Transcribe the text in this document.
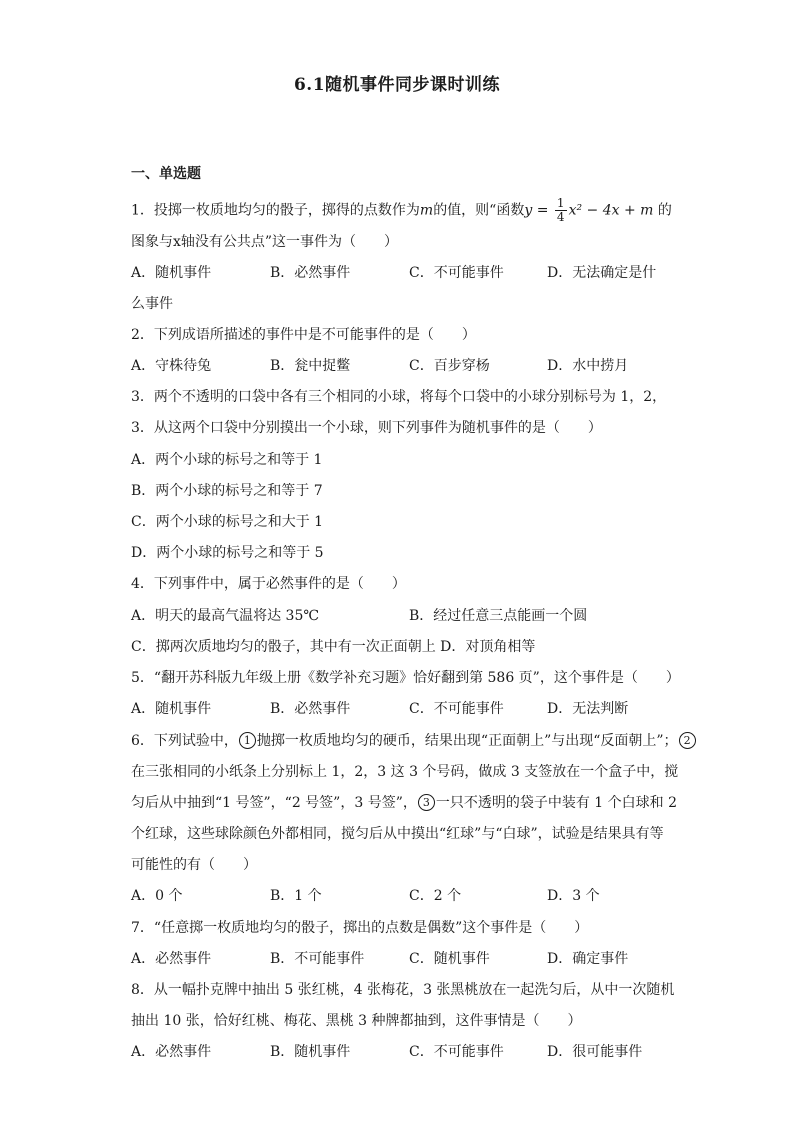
6.1随机事件同步课时训练
一、单选题
1．投掷一枚质地均匀的骰子，掷得的点数作为m的值，则“函数$y = \frac{1}{4} x^2 - 4x + m$ 的
图象与x轴没有公共点”这一事件为（　　）
A．随机事件	B．必然事件	C．不可能事件	D．无法确定是什
么事件
2．下列成语所描述的事件中是不可能事件的是（　　）
A．守株待兔	B．瓮中捉鳖	C．百步穿杨	D．水中捞月
3．两个不透明的口袋中各有三个相同的小球，将每个口袋中的小球分别标号为 1，2，
3．从这两个口袋中分别摸出一个小球，则下列事件为随机事件的是（　　）
A．两个小球的标号之和等于 1
B．两个小球的标号之和等于 7
C．两个小球的标号之和大于 1
D．两个小球的标号之和等于 5
4．下列事件中，属于必然事件的是（　　）
A．明天的最高气温将达 35℃	B．经过任意三点能画一个圆
C．掷两次质地均匀的骰子，其中有一次正面朝上 D．对顶角相等
5．“翻开苏科版九年级上册《数学补充习题》恰好翻到第 586 页”，这个事件是（　　）
A．随机事件	B．必然事件	C．不可能事件	D．无法判断
6．下列试验中， 1 抛掷一枚质地均匀的硬币，结果出现“正面朝上”与出现“反面朝上”； 2
在三张相同的小纸条上分别标上 1，2，3 这 3 个号码，做成 3 支签放在一个盒子中，搅
匀后从中抽到“1 号签”，“2 号签”，3 号签”， 3 一只不透明的袋子中装有 1 个白球和 2
个红球，这些球除颜色外都相同，搅匀后从中摸出“红球”与“白球”，试验是结果具有等
可能性的有（　　）
A．0 个	B．1 个	C．2 个	D．3 个
7．“任意掷一枚质地均匀的骰子，掷出的点数是偶数”这个事件是（　　）
A．必然事件	B．不可能事件	C．随机事件	D．确定事件
8．从一幅扑克牌中抽出 5 张红桃，4 张梅花，3 张黑桃放在一起洗匀后，从中一次随机
抽出 10 张，恰好红桃、梅花、黑桃 3 种牌都抽到，这件事情是（　　）
A．必然事件	B．随机事件	C．不可能事件	D．很可能事件
